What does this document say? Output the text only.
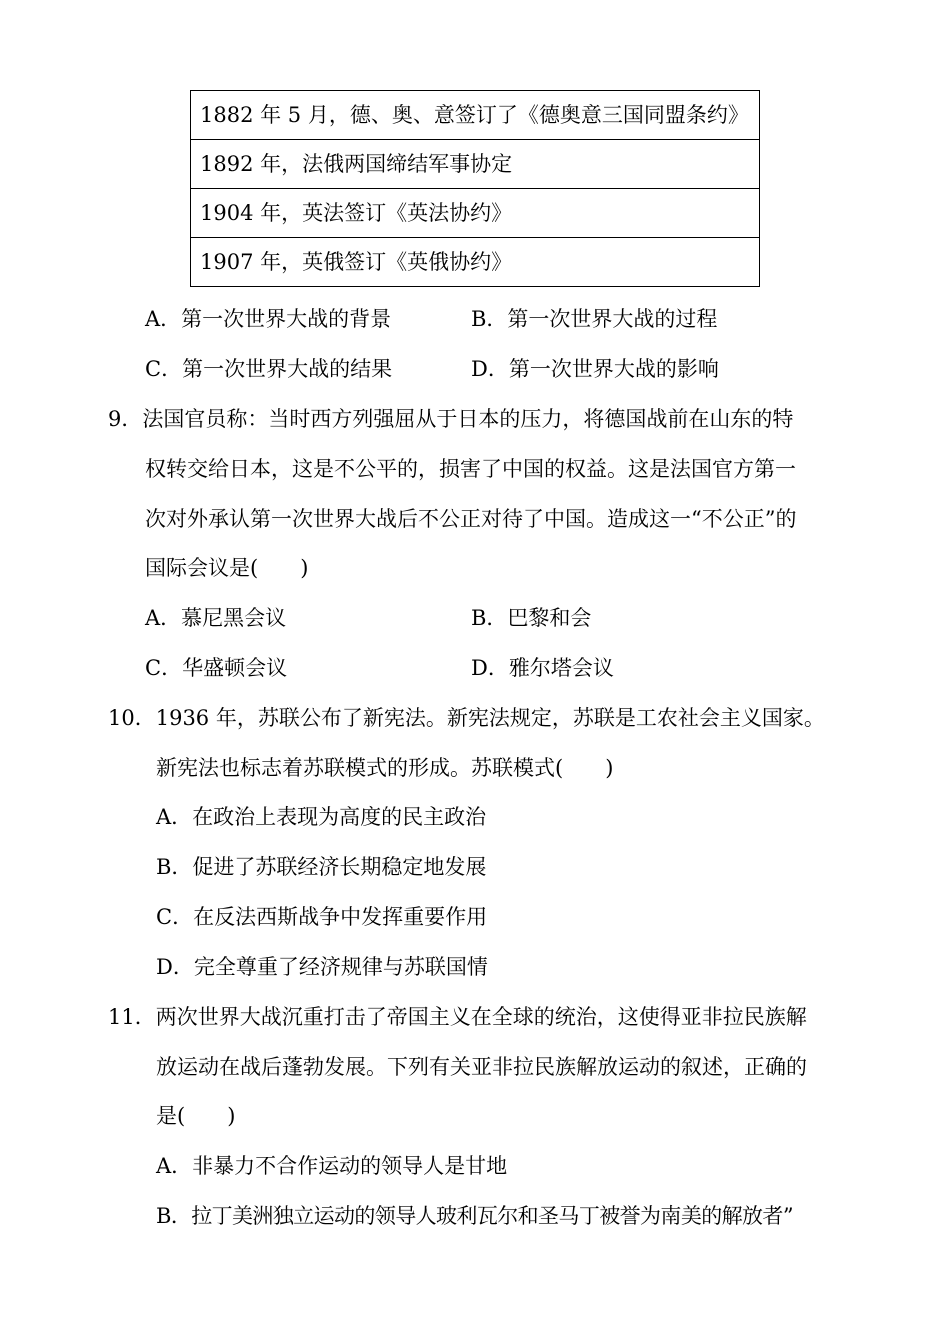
1882 年 5 月，德、奥、意签订了《德奥意三国同盟条约》
1892 年，法俄两国缔结军事协定
1904 年，英法签订《英法协约》
1907 年，英俄签订《英俄协约》
A．第一次世界大战的背景	B．第一次世界大战的过程
C．第一次世界大战的结果	D．第一次世界大战的影响
9．法国官员称：当时西方列强屈从于日本的压力，将德国战前在山东的特
权转交给日本，这是不公平的，损害了中国的权益。这是法国官方第一
次对外承认第一次世界大战后不公正对待了中国。造成这一“不公正”的
国际会议是(　　)
A．慕尼黑会议	B．巴黎和会
C．华盛顿会议	D．雅尔塔会议
10．1936 年，苏联公布了新宪法。新宪法规定，苏联是工农社会主义国家。
新宪法也标志着苏联模式的形成。苏联模式(　　)
A．在政治上表现为高度的民主政治
B．促进了苏联经济长期稳定地发展
C．在反法西斯战争中发挥重要作用
D．完全尊重了经济规律与苏联国情
11．两次世界大战沉重打击了帝国主义在全球的统治，这使得亚非拉民族解
放运动在战后蓬勃发展。下列有关亚非拉民族解放运动的叙述，正确的
是(　　)
A．非暴力不合作运动的领导人是甘地
B．拉丁美洲独立运动的领导人玻利瓦尔和圣马丁被誉为南美的解放者”
